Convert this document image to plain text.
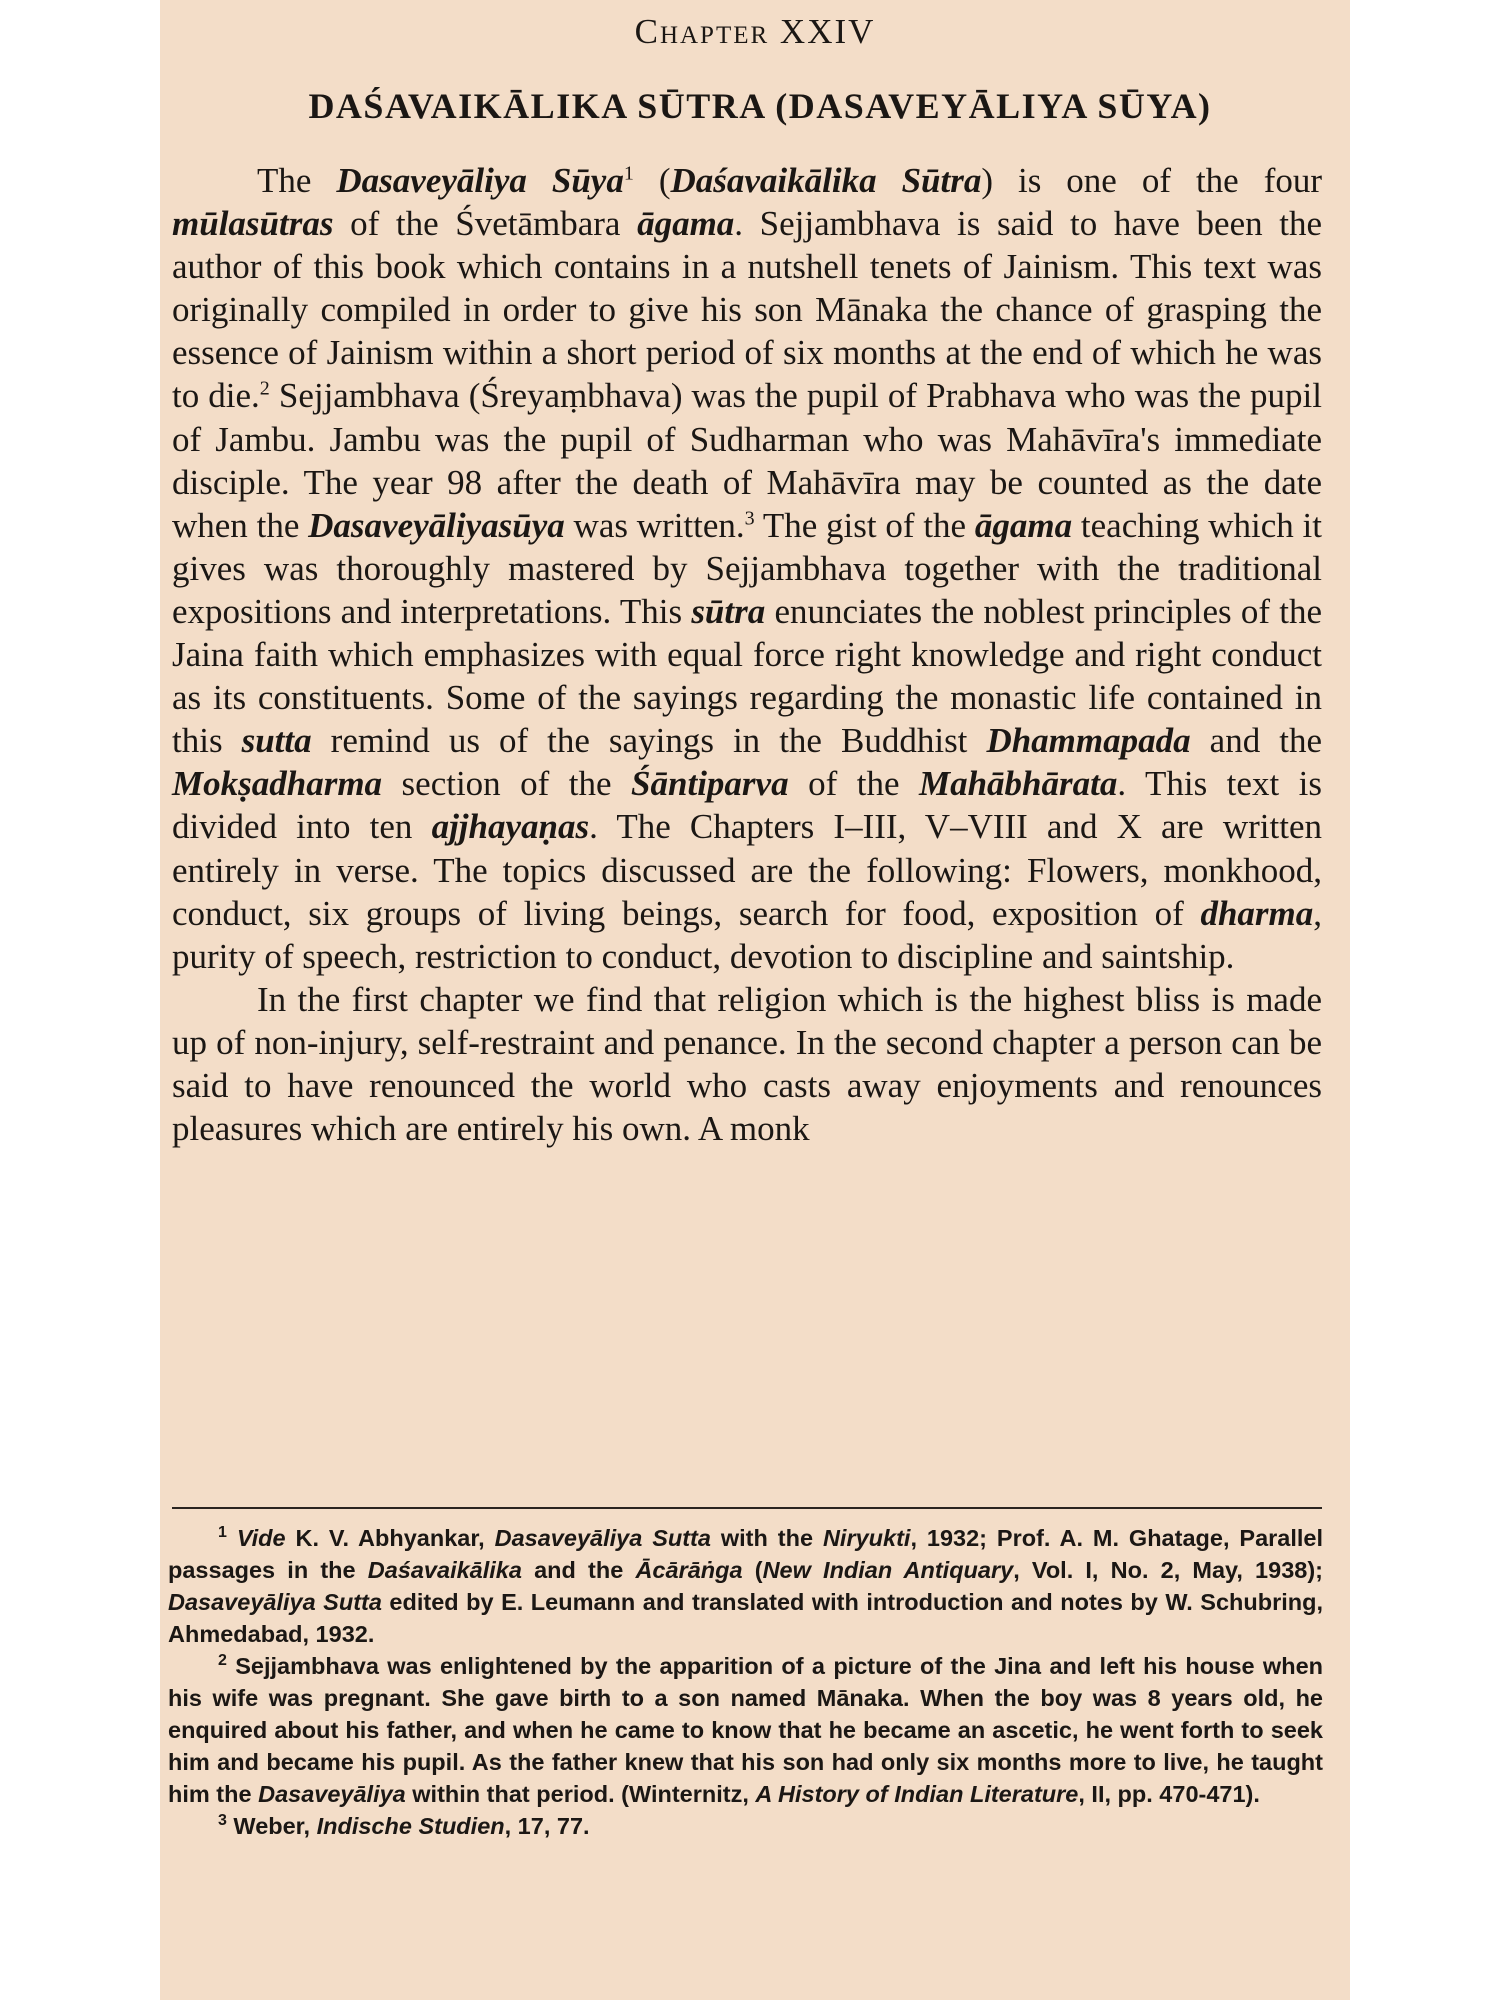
Chapter XXIV
DAŚAVAIKĀLIKA SŪTRA (DASAVEYĀLIYA SŪYA)

The Dasaveyāliya Sūya$^1$ (Daśavaikālika Sūtra) is one of the four mūlasūtras of the Śvetāmbara āgama. Sejjambhava is said to have been the author of this book which contains in a nutshell tenets of Jainism. This text was originally compiled in order to give his son Mānaka the chance of grasping the essence of Jainism within a short period of six months at the end of which he was to die.$^2$ Sejjambhava (Śreyaṃbhava) was the pupil of Prabhava who was the pupil of Jambu. Jambu was the pupil of Sudharman who was Mahāvīra's immediate disciple. The year 98 after the death of Mahāvīra may be counted as the date when the Dasaveyāliyasūya was written.$^3$ The gist of the āgama teaching which it gives was thoroughly mastered by Sejjambhava together with the traditional expositions and interpretations. This sūtra enunciates the noblest principles of the Jaina faith which emphasizes with equal force right knowledge and right conduct as its constituents. Some of the sayings regarding the monastic life contained in this sutta remind us of the sayings in the Buddhist Dhammapada and the Mokṣadharma section of the Śāntiparva of the Mahābhārata. This text is divided into ten ajjhayaṇas. The Chapters I–III, V–VIII and X are written entirely in verse. The topics discussed are the following: Flowers, monkhood, conduct, six groups of living beings, search for food, exposition of dharma, purity of speech, restriction to conduct, devotion to discipline and saintship.

In the first chapter we find that religion which is the highest bliss is made up of non-injury, self-restraint and penance. In the second chapter a person can be said to have renounced the world who casts away enjoyments and renounces pleasures which are entirely his own. A monk

$^1$ Vide K. V. Abhyankar, Dasaveyāliya Sutta with the Niryukti, 1932; Prof. A. M. Ghatage, Parallel passages in the Daśavaikālika and the Ācārāṅga (New Indian Antiquary, Vol. I, No. 2, May, 1938); Dasaveyāliya Sutta edited by E. Leumann and translated with introduction and notes by W. Schubring, Ahmedabad, 1932.

$^2$ Sejjambhava was enlightened by the apparition of a picture of the Jina and left his house when his wife was pregnant. She gave birth to a son named Mānaka. When the boy was 8 years old, he enquired about his father, and when he came to know that he became an ascetic, he went forth to seek him and became his pupil. As the father knew that his son had only six months more to live, he taught him the Dasaveyāliya within that period. (Winternitz, A History of Indian Literature, II, pp. 470-471).

$^3$ Weber, Indische Studien, 17, 77.
